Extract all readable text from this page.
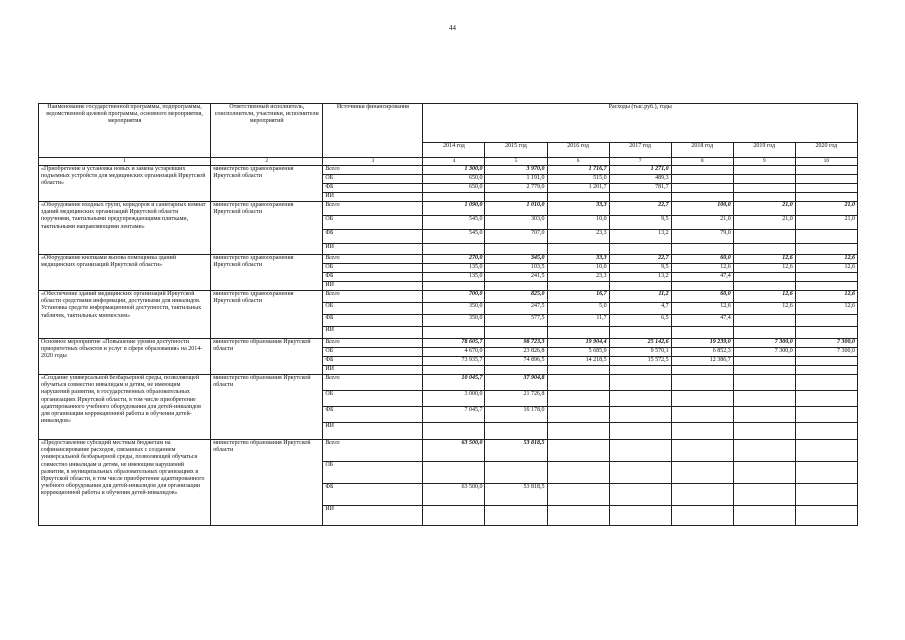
44
Наименование государственной программы, подпрограммы, ведомственной целевой программы, основного мероприятия, мероприятия	Ответственный исполнитель, соисполнители, участники, исполнители мероприятий	Источники финансирования	Расходы (тыс.руб.), годы						
			2014 год	2015 год	2016 год	2017 год	2018 год	2019 год	2020 год
1	2	3	4	5	6	7	8	9	10
«Приобретение и установка новых и замена устаревших подъемных устройств для медицинских организаций Иркутской области»	министерство здравоохранения Иркутской области	Всего	1 300,0	3 970,0	1 716,7	1 271,0			
		ОБ	650,0	1 191,0	515,0	489,3			
		ФБ	650,0	2 779,0	1 201,7	781,7			
		ИИ							
«Оборудование входных групп, коридоров и санитарных комнат зданий медицинских организаций Иркутской области поручнями, тактильными предупреждающими плитками, тактильными направляющими лентами»	министерство здравоохранения Иркутской области	Всего	1 090,0	1 010,0	33,3	22,7	100,0	21,0	21,0
		ОБ	545,0	303,0	10,0	9,5	21,0	21,0	21,0
		ФБ	545,0	707,0	23,3	13,2	79,0		
		ИИ							
«Оборудование кнопками вызова помощника зданий медицинских организаций Иркутской области»	министерство здравоохранения Иркутской области	Всего	270,0	345,0	33,3	22,7	60,0	12,6	12,6
		ОБ	135,0	103,5	10,0	9,5	12,6	12,6	12,6
		ФБ	135,0	241,5	23,3	13,2	47,4		
		ИИ							
«Обеспечение зданий медицинских организаций Иркутской области средствами информации, доступными для инвалидов. Установка средств информационной доступности, тактильных табличек, тактильных мнемосхем»	министерство здравоохранения Иркутской области	Всего	700,0	825,0	16,7	11,2	60,0	12,6	12,6
		ОБ	350,0	247,5	5,0	4,7	12,6	12,6	12,6
		ФБ	350,0	577,5	11,7	6,5	47,4		
		ИИ							
Основное мероприятие «Повышение уровня доступности приоритетных объектов и услуг в сфере образования» на 2014-2020 годы	министерство образования Иркутской области	Всего	78 605,7	98 723,3	19 904,4	25 142,6	19 239,0	7 300,0	7 300,0
		ОБ	4 670,0	23 826,8	5 685,9	9 570,1	6 852,3	7 300,0	7 300,0
		ФБ	73 935,7	74 896,5	14 218,5	15 572,5	12 386,7		
		ИИ							
«Создание универсальной безбарьерной среды, позволяющей обучаться совместно инвалидам и детям, не имеющим нарушений развития, в государственных образовательных организациях Иркутской области, в том числе приобретение адаптированного учебного оборудования для детей-инвалидов для организации коррекционной работы и обучения детей-инвалидов»	министерство образования Иркутской области	Всего	10 045,7	37 904,8					
		ОБ	3 000,0	21 726,8					
		ФБ	7 045,7	16 178,0					
		ИИ							
«Предоставление субсидий местным бюджетам на софинансирование расходов, связанных с созданием универсальной безбарьерной среды, позволяющей обучаться совместно инвалидам и детям, не имеющим нарушений развития, в муниципальных образовательных организациях в Иркутской области, в том числе приобретение адаптированного учебного оборудования для детей-инвалидов для организации коррекционной работы и обучения детей-инвалидов»	министерство образования Иркутской области	Всего	63 500,0	53 818,5					
		ОБ							
		ФБ	63 500,0	53 818,5					
		ИИ							
